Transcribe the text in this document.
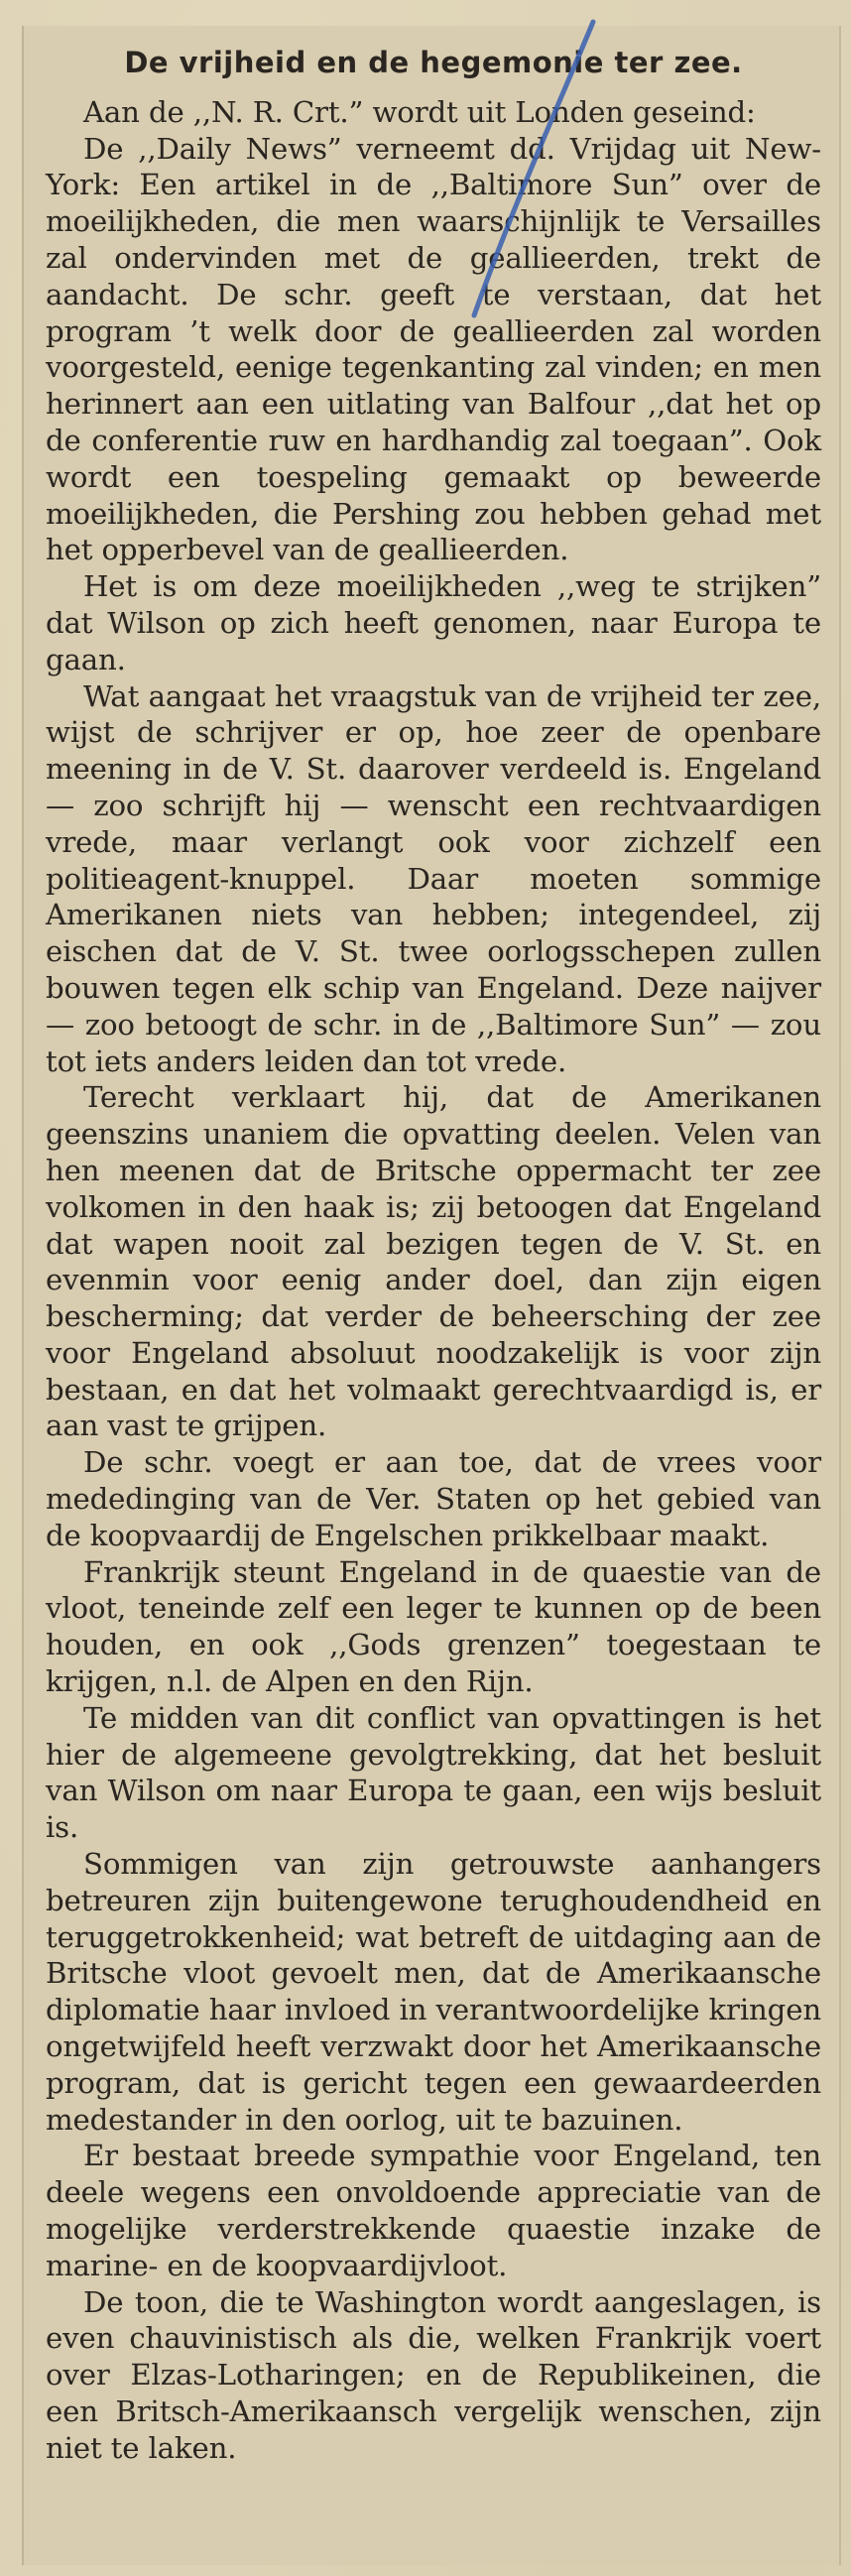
De vrijheid en de hegemonie ter zee.

Aan de ,,N. R. Crt.” wordt uit Londen geseind:

De ,,Daily News” verneemt dd. Vrijdag uit New-York: Een artikel in de ,,Baltimore Sun” over de moeilijkheden, die men waarschijnlijk te Versailles zal ondervinden met de geallieerden, trekt de aandacht. De schr. geeft te verstaan, dat het program ’t welk door de geallieerden zal worden voorgesteld, eenige tegenkanting zal vinden; en men herinnert aan een uitlating van Balfour ,,dat het op de conferentie ruw en hardhandig zal toegaan”. Ook wordt een toespeling gemaakt op beweerde moeilijkheden, die Pershing zou hebben gehad met het opperbevel van de geallieerden.

Het is om deze moeilijkheden ,,weg te strijken” dat Wilson op zich heeft genomen, naar Europa te gaan.

Wat aangaat het vraagstuk van de vrijheid ter zee, wijst de schrijver er op, hoe zeer de openbare meening in de V. St. daarover verdeeld is. Engeland — zoo schrijft hij — wenscht een rechtvaardigen vrede, maar verlangt ook voor zichzelf een politieagent-knuppel. Daar moeten sommige Amerikanen niets van hebben; integendeel, zij eischen dat de V. St. twee oorlogsschepen zullen bouwen tegen elk schip van Engeland. Deze naijver — zoo betoogt de schr. in de ,,Baltimore Sun” — zou tot iets anders leiden dan tot vrede.

Terecht verklaart hij, dat de Amerikanen geenszins unaniem die opvatting deelen. Velen van hen meenen dat de Britsche oppermacht ter zee volkomen in den haak is; zij betoogen dat Engeland dat wapen nooit zal bezigen tegen de V. St. en evenmin voor eenig ander doel, dan zijn eigen bescherming; dat verder de beheersching der zee voor Engeland absoluut noodzakelijk is voor zijn bestaan, en dat het volmaakt gerechtvaardigd is, er aan vast te grijpen.

De schr. voegt er aan toe, dat de vrees voor mededinging van de Ver. Staten op het gebied van de koopvaardij de Engelschen prikkelbaar maakt.

Frankrijk steunt Engeland in de quaestie van de vloot, teneinde zelf een leger te kunnen op de been houden, en ook ,,Gods grenzen” toegestaan te krijgen, n.l. de Alpen en den Rijn.

Te midden van dit conflict van opvattingen is het hier de algemeene gevolgtrekking, dat het besluit van Wilson om naar Europa te gaan, een wijs besluit is.

Sommigen van zijn getrouwste aanhangers betreuren zijn buitengewone terughoudendheid en teruggetrokkenheid; wat betreft de uitdaging aan de Britsche vloot gevoelt men, dat de Amerikaansche diplomatie haar invloed in verantwoordelijke kringen ongetwijfeld heeft verzwakt door het Amerikaansche program, dat is gericht tegen een gewaardeerden medestander in den oorlog, uit te bazuinen.

Er bestaat breede sympathie voor Engeland, ten deele wegens een onvoldoende appreciatie van de mogelijke verderstrekkende quaestie inzake de marine- en de koopvaardijvloot.

De toon, die te Washington wordt aangeslagen, is even chauvinistisch als die, welken Frankrijk voert over Elzas-Lotharingen; en de Republikeinen, die een Britsch-Amerikaansch vergelijk wenschen, zijn niet te laken.
